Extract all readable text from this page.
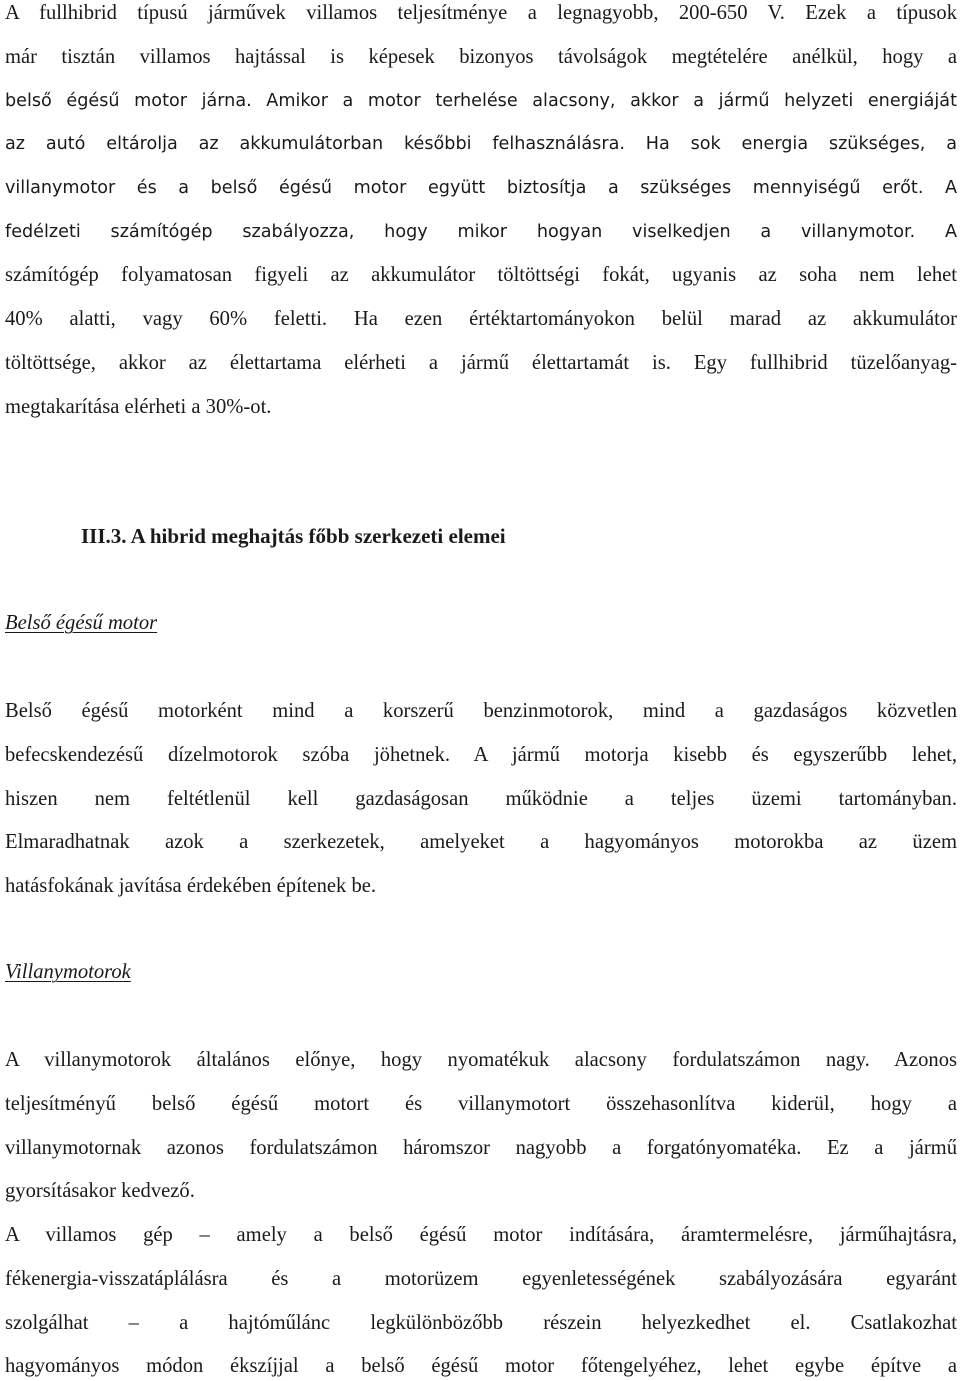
A fullhibrid típusú járművek villamos teljesítménye a legnagyobb, 200-650 V. Ezek a típusok
már tisztán villamos hajtással is képesek bizonyos távolságok megtételére anélkül, hogy a
belső égésű motor járna. Amikor a motor terhelése alacsony, akkor a jármű helyzeti energiáját
az autó eltárolja az akkumulátorban későbbi felhasználásra. Ha sok energia szükséges, a
villanymotor és a belső égésű motor együtt biztosítja a szükséges mennyiségű erőt. A
fedélzeti számítógép szabályozza, hogy mikor hogyan viselkedjen a villanymotor. A
számítógép folyamatosan figyeli az akkumulátor töltöttségi fokát, ugyanis az soha nem lehet
40% alatti, vagy 60% feletti. Ha ezen értéktartományokon belül marad az akkumulátor
töltöttsége, akkor az élettartama elérheti a jármű élettartamát is. Egy fullhibrid tüzelőanyag-
megtakarítása elérheti a 30%-ot.
III.3. A hibrid meghajtás főbb szerkezeti elemei
Belső égésű motor
Belső égésű motorként mind a korszerű benzinmotorok, mind a gazdaságos közvetlen
befecskendezésű dízelmotorok szóba jöhetnek. A jármű motorja kisebb és egyszerűbb lehet,
hiszen nem feltétlenül kell gazdaságosan működnie a teljes üzemi tartományban.
Elmaradhatnak azok a szerkezetek, amelyeket a hagyományos motorokba az üzem
hatásfokának javítása érdekében építenek be.
Villanymotorok
A villanymotorok általános előnye, hogy nyomatékuk alacsony fordulatszámon nagy. Azonos
teljesítményű belső égésű motort és villanymotort összehasonlítva kiderül, hogy a
villanymotornak azonos fordulatszámon háromszor nagyobb a forgatónyomatéka. Ez a jármű
gyorsításakor kedvező.
A villamos gép – amely a belső égésű motor indítására, áramtermelésre, járműhajtásra,
fékenergia-visszatáplálásra és a motorüzem egyenletességének szabályozására egyaránt
szolgálhat – a hajtóműlánc legkülönbözőbb részein helyezkedhet el. Csatlakozhat
hagyományos módon ékszíjjal a belső égésű motor főtengelyéhez, lehet egybe építve a
